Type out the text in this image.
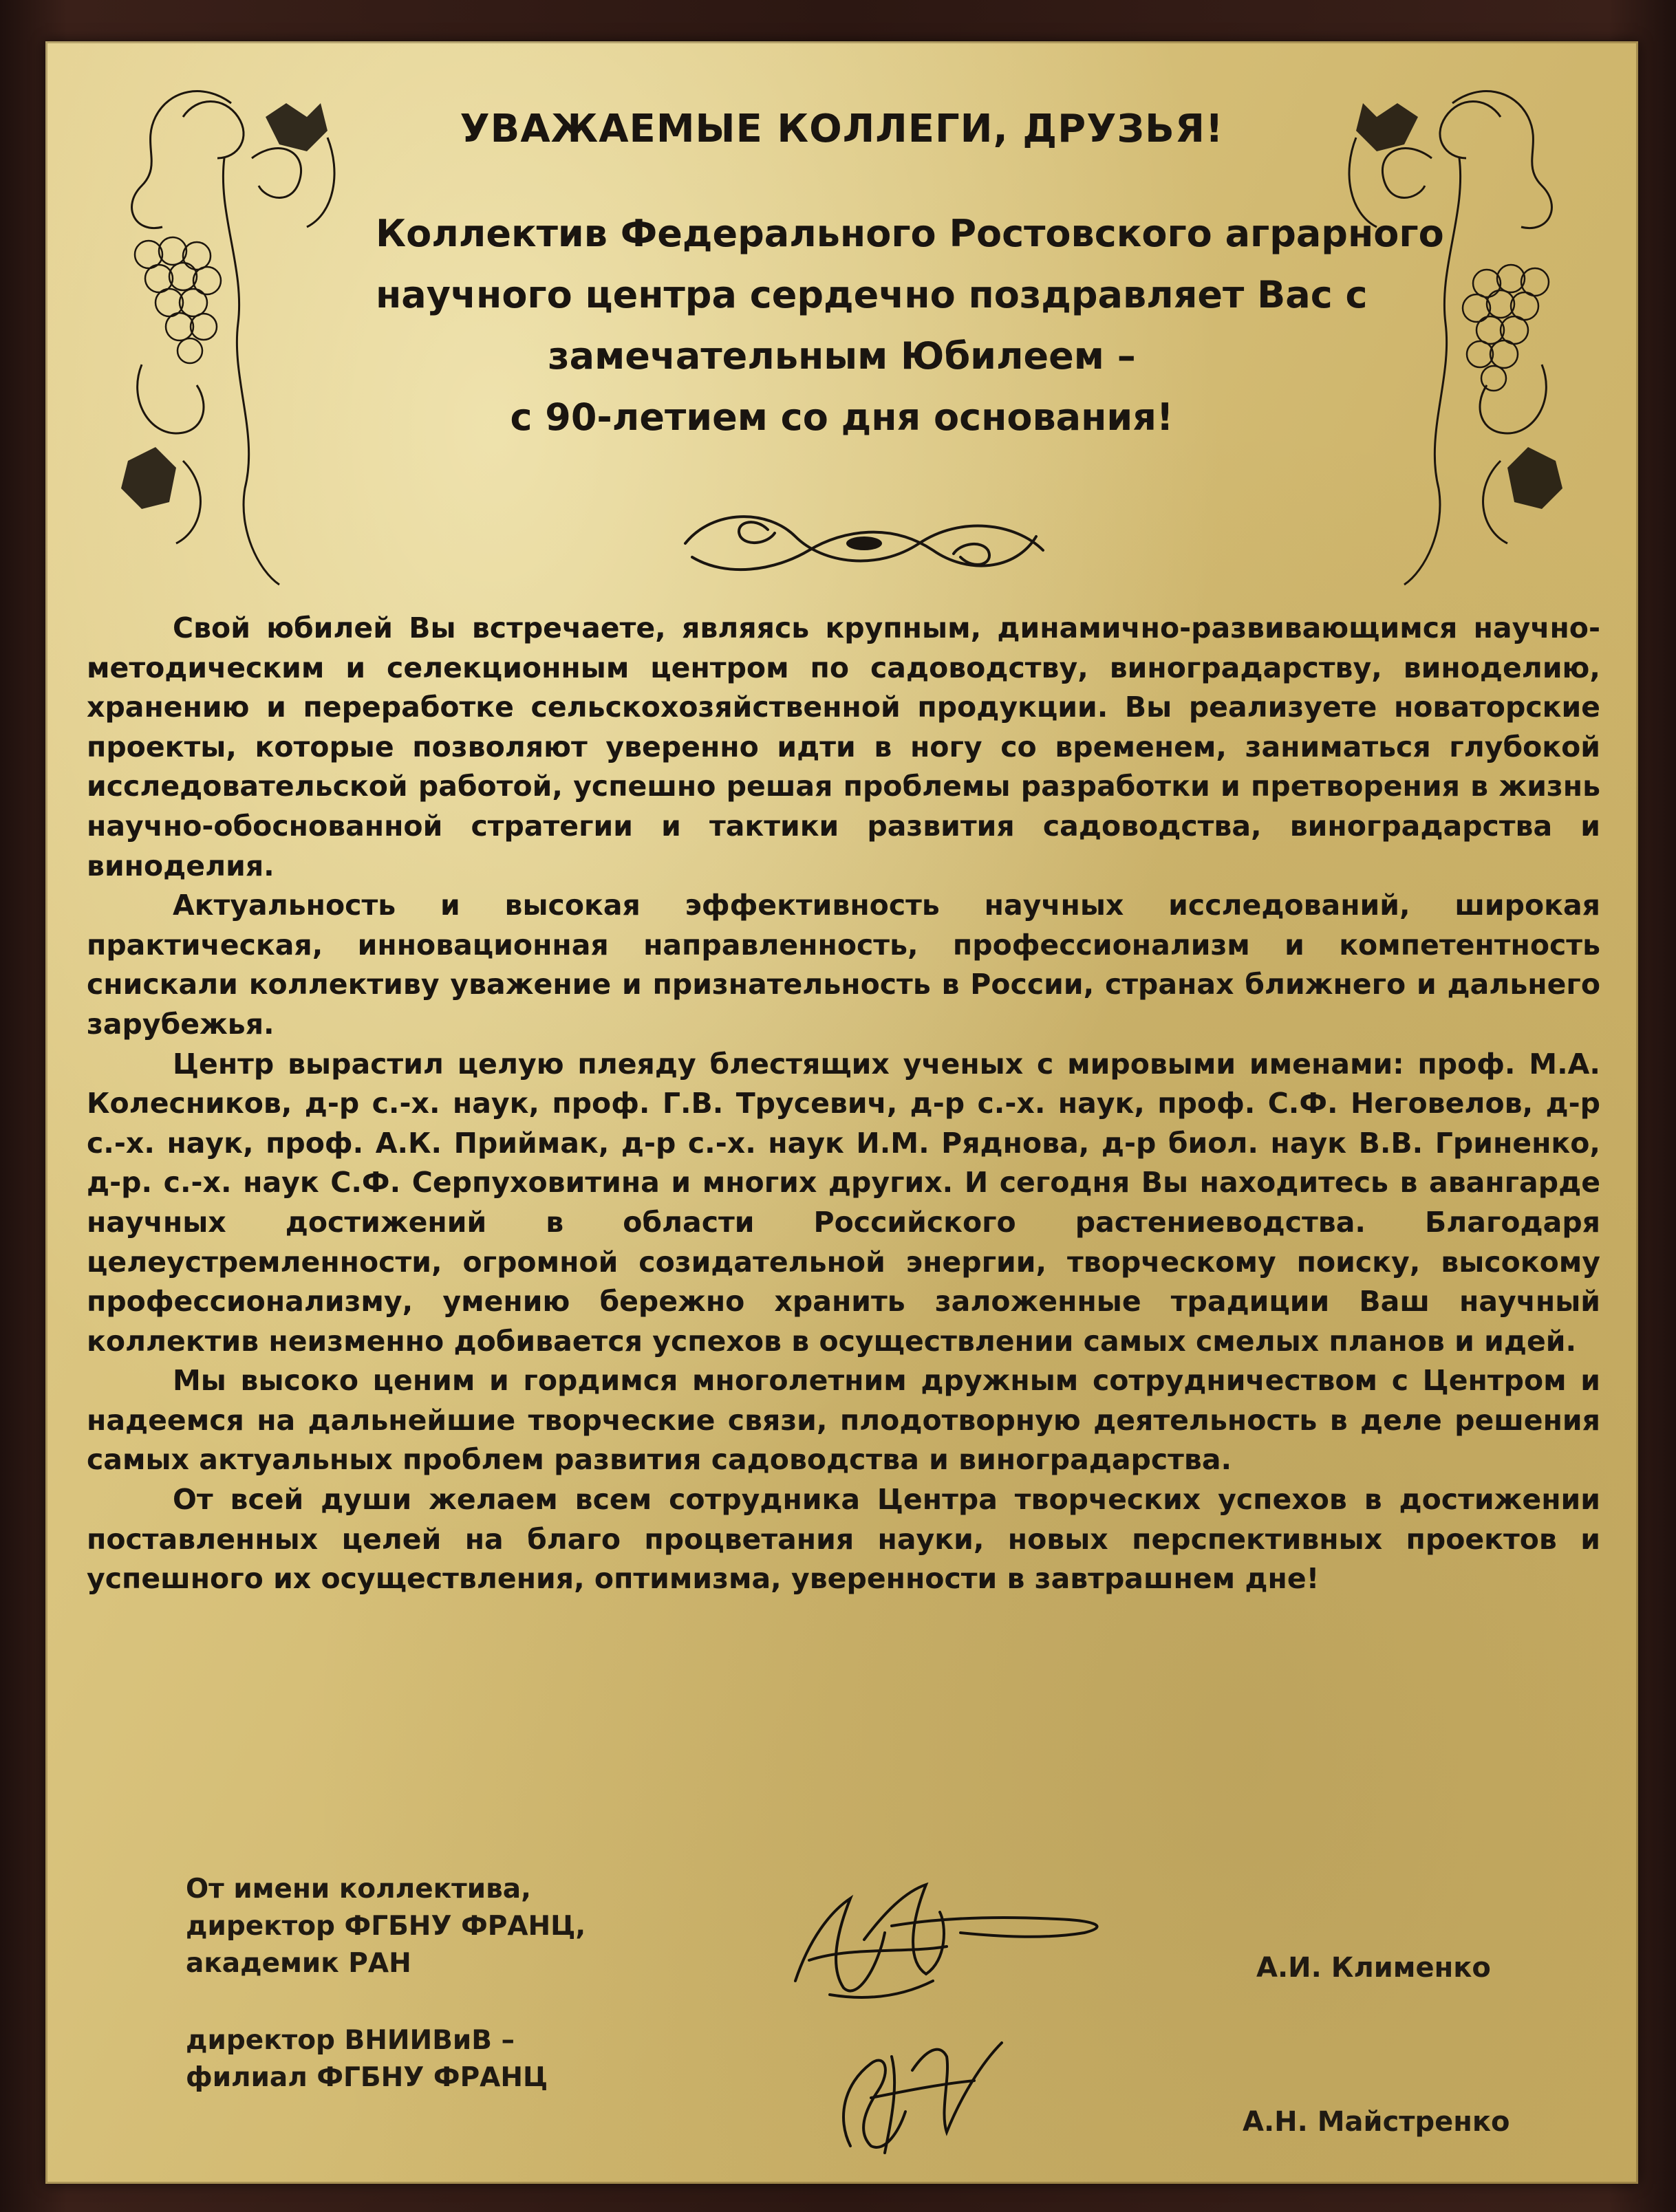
УВАЖАЕМЫЕ КОЛЛЕГИ, ДРУЗЬЯ!
Коллектив Федерального Ростовского аграрного
научного центра сердечно поздравляет Вас с
замечательным Юбилеем –
с 90-летием со дня основания!

Свой юбилей Вы встречаете, являясь крупным, динамично-развивающимся научно-методическим и селекционным центром по садоводству, виноградарству, виноделию, хранению и переработке сельскохозяйственной продукции. Вы реализуете новаторские проекты, которые позволяют уверенно идти в ногу со временем, заниматься глубокой исследовательской работой, успешно решая проблемы разработки и претворения в жизнь научно-обоснованной стратегии и тактики развития садоводства, виноградарства и виноделия.

Актуальность и высокая эффективность научных исследований, широкая практическая, инновационная направленность, профессионализм и компетентность снискали коллективу уважение и признательность в России, странах ближнего и дальнего зарубежья.

Центр вырастил целую плеяду блестящих ученых с мировыми именами: проф. М.А. Колесников, д-р с.-х. наук, проф. Г.В. Трусевич, д-р с.-х. наук, проф. С.Ф. Неговелов, д-р с.-х. наук, проф. А.К. Приймак, д-р с.-х. наук И.М. Ряднова, д-р биол. наук В.В. Гриненко, д-р. с.-х. наук С.Ф. Серпуховитина и многих других. И сегодня Вы находитесь в авангарде научных достижений в области Российского растениеводства. Благодаря целеустремленности, огромной созидательной энергии, творческому поиску, высокому профессионализму, умению бережно хранить заложенные традиции Ваш научный коллектив неизменно добивается успехов в осуществлении самых смелых планов и идей.

Мы высоко ценим и гордимся многолетним дружным сотрудничеством с Центром и надеемся на дальнейшие творческие связи, плодотворную деятельность в деле решения самых актуальных проблем развития садоводства и виноградарства.

От всей души желаем всем сотрудника Центра творческих успехов в достижении поставленных целей на благо процветания науки, новых перспективных проектов и успешного их осуществления, оптимизма, уверенности в завтрашнем дне!

От имени коллектива,
директор ФГБНУ ФРАНЦ,
академик РАН	А.И. Клименко
директор ВНИИВиВ –
филиал ФГБНУ ФРАНЦ
А.Н. Майстренко
